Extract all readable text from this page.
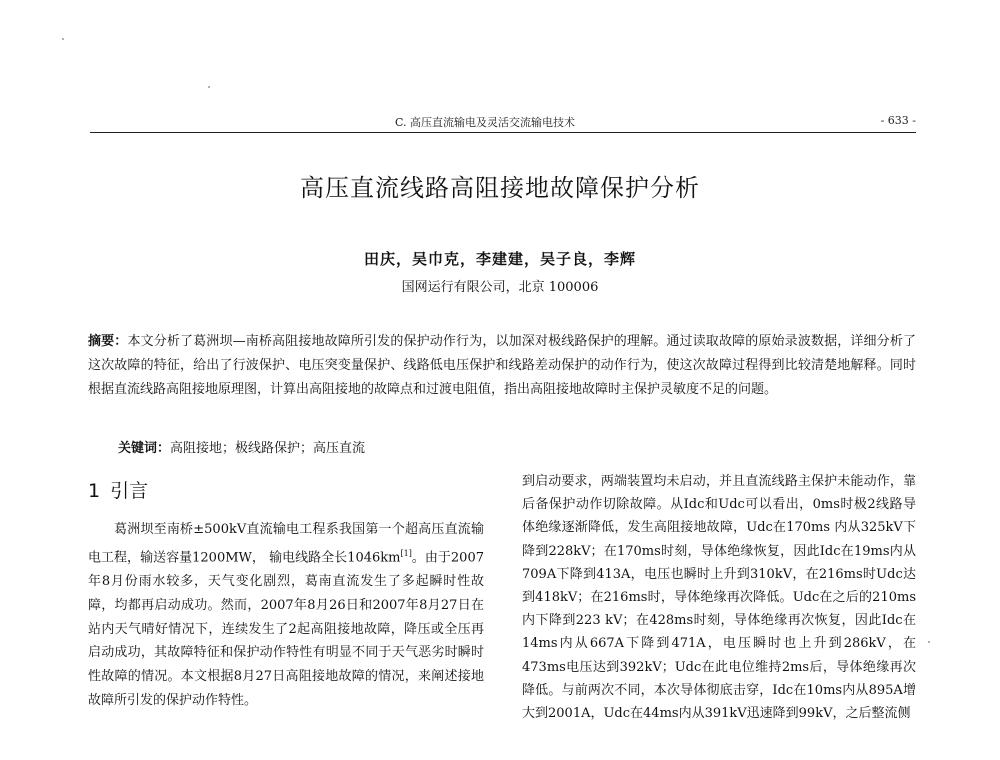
C. 高压直流输电及灵活交流输电技术	- 633 -
高压直流线路高阻接地故障保护分析
田庆，吴巾克，李建建，吴子良，李辉
国网运行有限公司，北京 100006
摘要：本文分析了葛洲坝—南桥高阻接地故障所引发的保护动作行为，以加深对极线路保护的理解。通过读取故障的原始录波数据，详细分析了这次故障的特征，给出了行波保护、电压突变量保护、线路低电压保护和线路差动保护的动作行为，使这次故障过程得到比较清楚地解释。同时根据直流线路高阻接地原理图，计算出高阻接地的故障点和过渡电阻值，指出高阻接地故障时主保护灵敏度不足的问题。
关键词：高阻接地；极线路保护；高压直流
1 引言

葛洲坝至南桥±500kV直流输电工程系我国第一个超高压直流输电工程，输送容量1200MW， 输电线路全长1046km[1]。由于2007年8月份雨水较多，天气变化剧烈，葛南直流发生了多起瞬时性故障，均都再启动成功。然而，2007年8月26日和2007年8月27日在站内天气晴好情况下，连续发生了2起高阻接地故障，降压或全压再启动成功，其故障特征和保护动作特性有明显不同于天气恶劣时瞬时性故障的情况。本文根据8月27日高阻接地故障的情况，来阐述接地故障所引发的保护动作特性。

到启动要求，两端装置均未启动，并且直流线路主保护未能动作，靠后备保护动作切除故障。从Idc和Udc可以看出，0ms时极2线路导体绝缘逐渐降低，发生高阻接地故障，Udc在170ms 内从325kV下降到228kV；在170ms时刻，导体绝缘恢复，因此Idc在19ms内从709A下降到413A，电压也瞬时上升到310kV，在216ms时Udc达到418kV；在216ms时，导体绝缘再次降低。Udc在之后的210ms内下降到223 kV；在428ms时刻，导体绝缘再次恢复，因此Idc在14ms内从667A下降到471A，电压瞬时也上升到286kV，在473ms电压达到392kV；Udc在此电位维持2ms后，导体绝缘再次降低。与前两次不同，本次导体彻底击穿，Idc在10ms内从895A增大到2001A，Udc在44ms内从391kV迅速降到99kV，之后整流侧
